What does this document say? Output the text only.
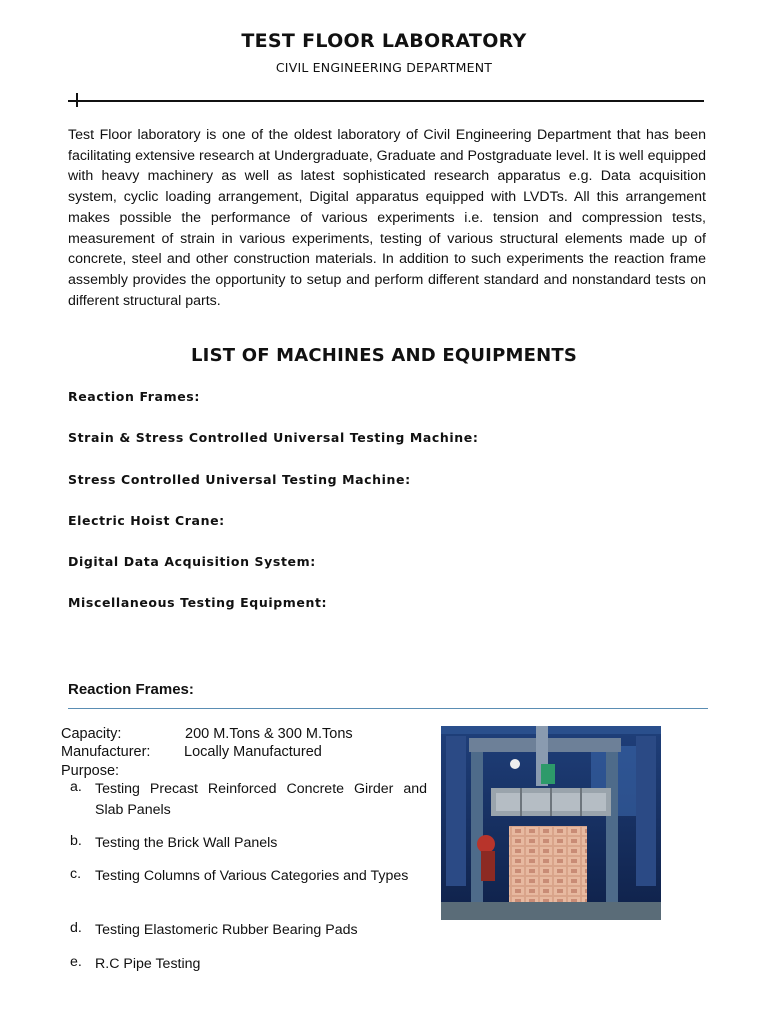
TEST FLOOR LABORATORY
CIVIL ENGINEERING DEPARTMENT
Test Floor laboratory is one of the oldest laboratory of Civil Engineering Department that has been facilitating extensive research at Undergraduate, Graduate and Postgraduate level. It is well equipped with heavy machinery as well as latest sophisticated research apparatus e.g. Data acquisition system, cyclic loading arrangement, Digital apparatus equipped with LVDTs. All this arrangement makes possible the performance of various experiments i.e. tension and compression tests, measurement of strain in various experiments, testing of various structural elements made up of concrete, steel and other construction materials. In addition to such experiments the reaction frame assembly provides the opportunity to setup and perform different standard and nonstandard tests on different structural parts.
LIST OF MACHINES AND EQUIPMENTS
Reaction Frames:
Strain & Stress Controlled Universal Testing Machine:
Stress Controlled Universal Testing Machine:
Electric Hoist Crane:
Digital Data Acquisition System:
Miscellaneous Testing Equipment:
Reaction Frames:
Capacity:	200 M.Tons & 300 M.Tons
Manufacturer: Locally Manufactured
Purpose:
a. Testing Precast Reinforced Concrete Girder and Slab Panels
b. Testing the Brick Wall Panels
c. Testing Columns of Various Categories and Types
d. Testing Elastomeric Rubber Bearing Pads
e. R.C Pipe Testing
